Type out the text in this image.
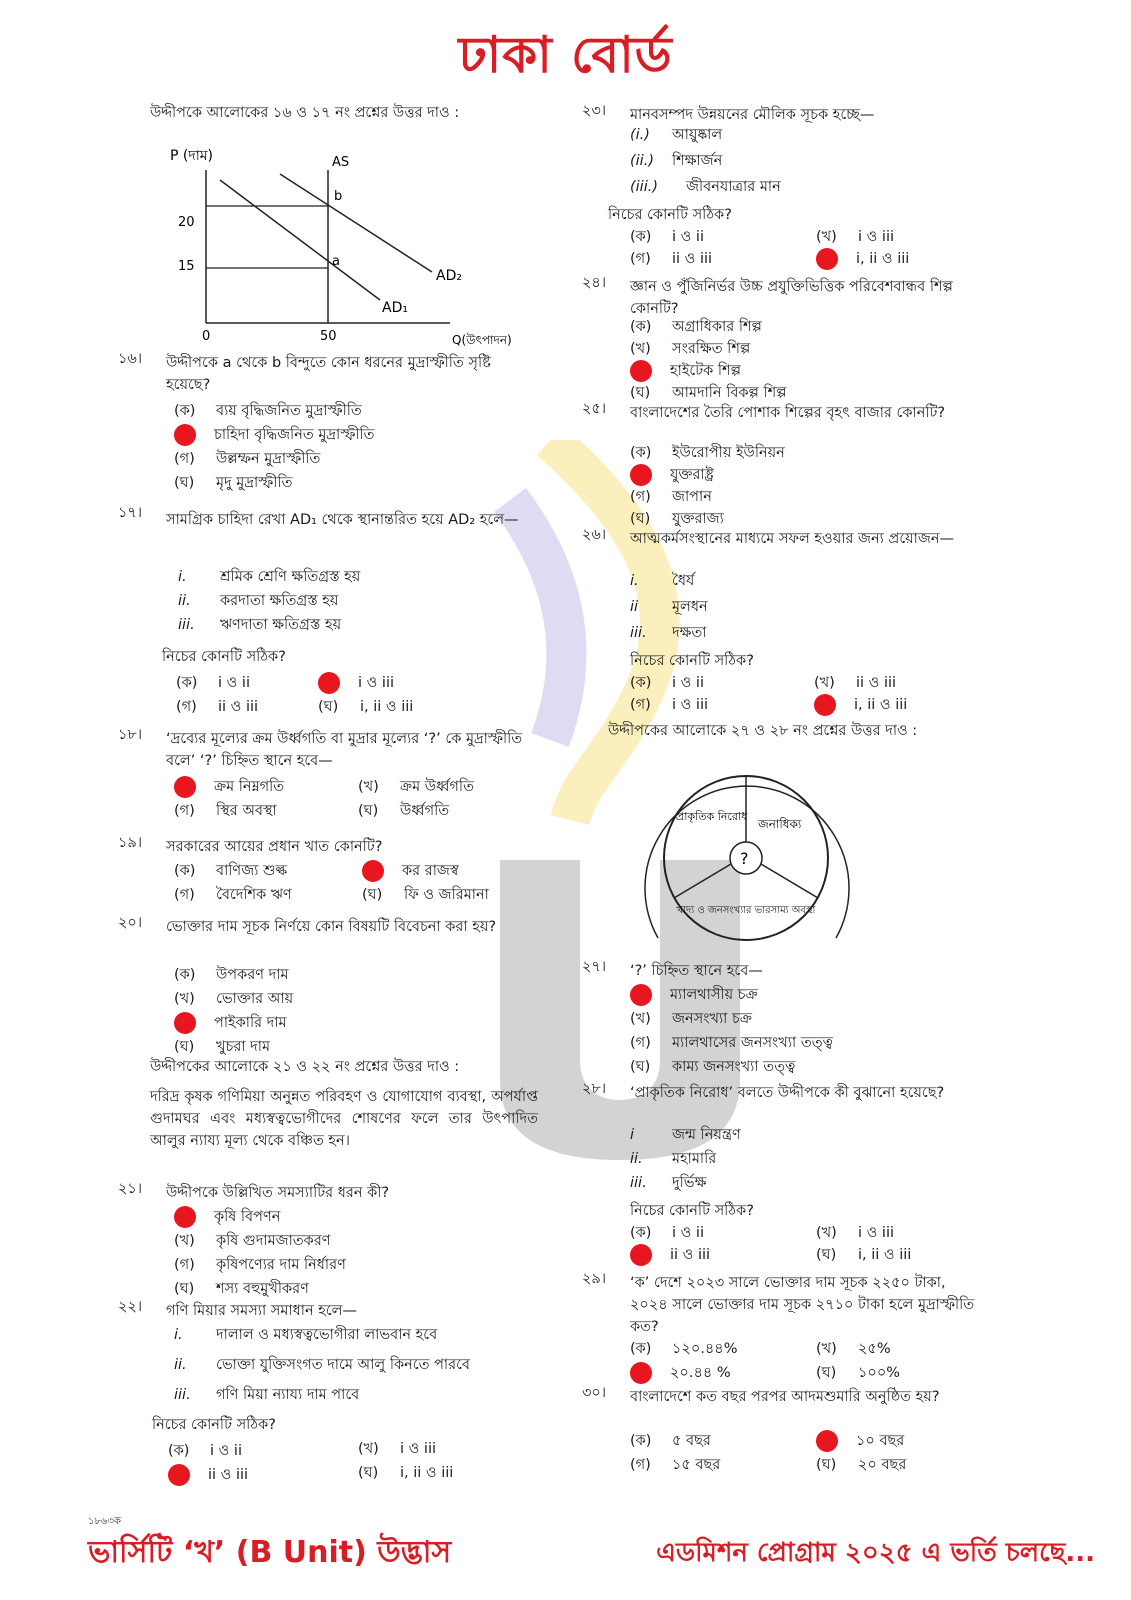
ঢাকা বোর্ড
উদ্দীপকে আলোকের ১৬ ও ১৭ নং প্রশ্নের উত্তর দাও :
P (দাম)
0	50	Q(উৎপাদন)
20
15
AS
b
a
AD₁
AD₂
১৬।	উদ্দীপকে a থেকে b বিন্দুতে কোন ধরনের মুদ্রাস্ফীতি সৃষ্টি হয়েছে?
(ক) ব্যয় বৃদ্ধিজনিত মুদ্রাস্ফীতি
চাহিদা বৃদ্ধিজনিত মুদ্রাস্ফীতি
(গ) উল্লম্ফন মুদ্রাস্ফীতি
(ঘ) মৃদু মুদ্রাস্ফীতি
১৭।	সামগ্রিক চাহিদা রেখা AD₁ থেকে স্থানান্তরিত হয়ে AD₂ হলে—
i. শ্রমিক শ্রেণি ক্ষতিগ্রস্ত হয়
ii. করদাতা ক্ষতিগ্রস্ত হয়
iii. ঋণদাতা ক্ষতিগ্রস্ত হয়
নিচের কোনটি সঠিক?
(ক) i ও ii	i ও iii
(গ) ii ও iii	(ঘ) i, ii ও iii
১৮।	‘দ্রব্যের মূল্যের ক্রম উর্ধ্বগতি বা মুদ্রার মূল্যের ‘?’ কে মুদ্রাস্ফীতি বলে’ ‘?’ চিহ্নিত স্থানে হবে—
ক্রম নিম্নগতি	(খ) ক্রম উর্ধ্বগতি
(গ) স্থির অবস্থা	(ঘ) উর্ধ্বগতি
১৯।	সরকারের আয়ের প্রধান খাত কোনটি?
(ক) বাণিজ্য শুল্ক	কর রাজস্ব
(গ) বৈদেশিক ঋণ	(ঘ) ফি ও জরিমানা
২০।	ভোক্তার দাম সূচক নির্ণয়ে কোন বিষয়টি বিবেচনা করা হয়?
(ক) উপকরণ দাম
(খ) ভোক্তার আয়
পাইকারি দাম
(ঘ) খুচরা দাম
উদ্দীপকের আলোকে ২১ ও ২২ নং প্রশ্নের উত্তর দাও :
দরিদ্র কৃষক গণিমিয়া অনুন্নত পরিবহণ ও যোগাযোগ ব্যবস্থা, অপর্যাপ্ত গুদামঘর এবং মধ্যস্বত্বভোগীদের শোষণের ফলে তার উৎপাদিত আলুর ন্যায্য মূল্য থেকে বঞ্চিত হন।
২১।	উদ্দীপকে উল্লিখিত সমস্যাটির ধরন কী?
কৃষি বিপণন
(খ) কৃষি গুদামজাতকরণ
(গ) কৃষিপণ্যের দাম নির্ধারণ
(ঘ) শস্য বহুমুখীকরণ
২২।	গণি মিয়ার সমস্যা সমাধান হলে—
i. দালাল ও মধ্যস্বত্বভোগীরা লাভবান হবে
ii. ভোক্তা যুক্তিসংগত দামে আলু কিনতে পারবে
iii. গণি মিয়া ন্যায্য দাম পাবে
নিচের কোনটি সঠিক?
(ক) i ও ii	(খ) i ও iii
ii ও iii	(ঘ) i, ii ও iii
২৩।	মানবসম্পদ উন্নয়নের মৌলিক সূচক হচ্ছে—
(i.) আয়ুষ্কাল
(ii.) শিক্ষার্জন
(iii.) জীবনযাত্রার মান
নিচের কোনটি সঠিক?
(ক) i ও ii	(খ) i ও iii
(গ) ii ও iii	i, ii ও iii
২৪।	জ্ঞান ও পুঁজিনির্ভর উচ্চ প্রযুক্তিভিত্তিক পরিবেশবান্ধব শিল্প কোনটি?
(ক) অগ্রাধিকার শিল্প
(খ) সংরক্ষিত শিল্প
হাইটেক শিল্প
(ঘ) আমদানি বিকল্প শিল্প
২৫।	বাংলাদেশের তৈরি পোশাক শিল্পের বৃহৎ বাজার কোনটি?
(ক) ইউরোপীয় ইউনিয়ন
যুক্তরাষ্ট্র
(গ) জাপান
(ঘ) যুক্তরাজ্য
২৬।	আত্মকর্মসংস্থানের মাধ্যমে সফল হওয়ার জন্য প্রয়োজন—
i. ধৈর্য
ii মূলধন
iii. দক্ষতা
নিচের কোনটি সঠিক?
(ক) i ও ii	(খ) ii ও iii
(গ) i ও iii	i, ii ও iii
উদ্দীপকের আলোকে ২৭ ও ২৮ নং প্রশ্নের উত্তর দাও :
?
প্রাকৃতিক নিরোধ
জনাধিক্য
খাদ্য ও জনসংখ্যার ভারসাম্য অবস্থা
২৭।	‘?’ চিহ্নিত স্থানে হবে—
ম্যালথাসীয় চক্র
(খ) জনসংখ্যা চক্র
(গ) ম্যালথাসের জনসংখ্যা তত্ত্ব
(ঘ) কাম্য জনসংখ্যা তত্ত্ব
২৮।	‘প্রাকৃতিক নিরোধ’ বলতে উদ্দীপকে কী বুঝানো হয়েছে?
i	জন্ম নিয়ন্ত্রণ
ii. মহামারি
iii. দুর্ভিক্ষ
নিচের কোনটি সঠিক?
(ক) i ও ii	(খ) i ও iii
ii ও iii	(ঘ) i, ii ও iii
২৯।	‘ক’ দেশে ২০২৩ সালে ভোক্তার দাম সূচক ২২৫০ টাকা, ২০২৪ সালে ভোক্তার দাম সূচক ২৭১০ টাকা হলে মুদ্রাস্ফীতি কত?
(ক) ১২০.৪৪%	(খ) ২৫%
২০.৪৪ %	(ঘ) ১০০%
৩০।	বাংলাদেশে কত বছর পরপর আদমশুমারি অনুষ্ঠিত হয়?
(ক) ৫ বছর	১০ বছর
(গ) ১৫ বছর	(ঘ) ২০ বছর
১৮৬৩ক
ভার্সিটি ‘খ’ (B Unit) উদ্ভাস	এডমিশন প্রোগ্রাম ২০২৫ এ ভর্তি চলছে...
